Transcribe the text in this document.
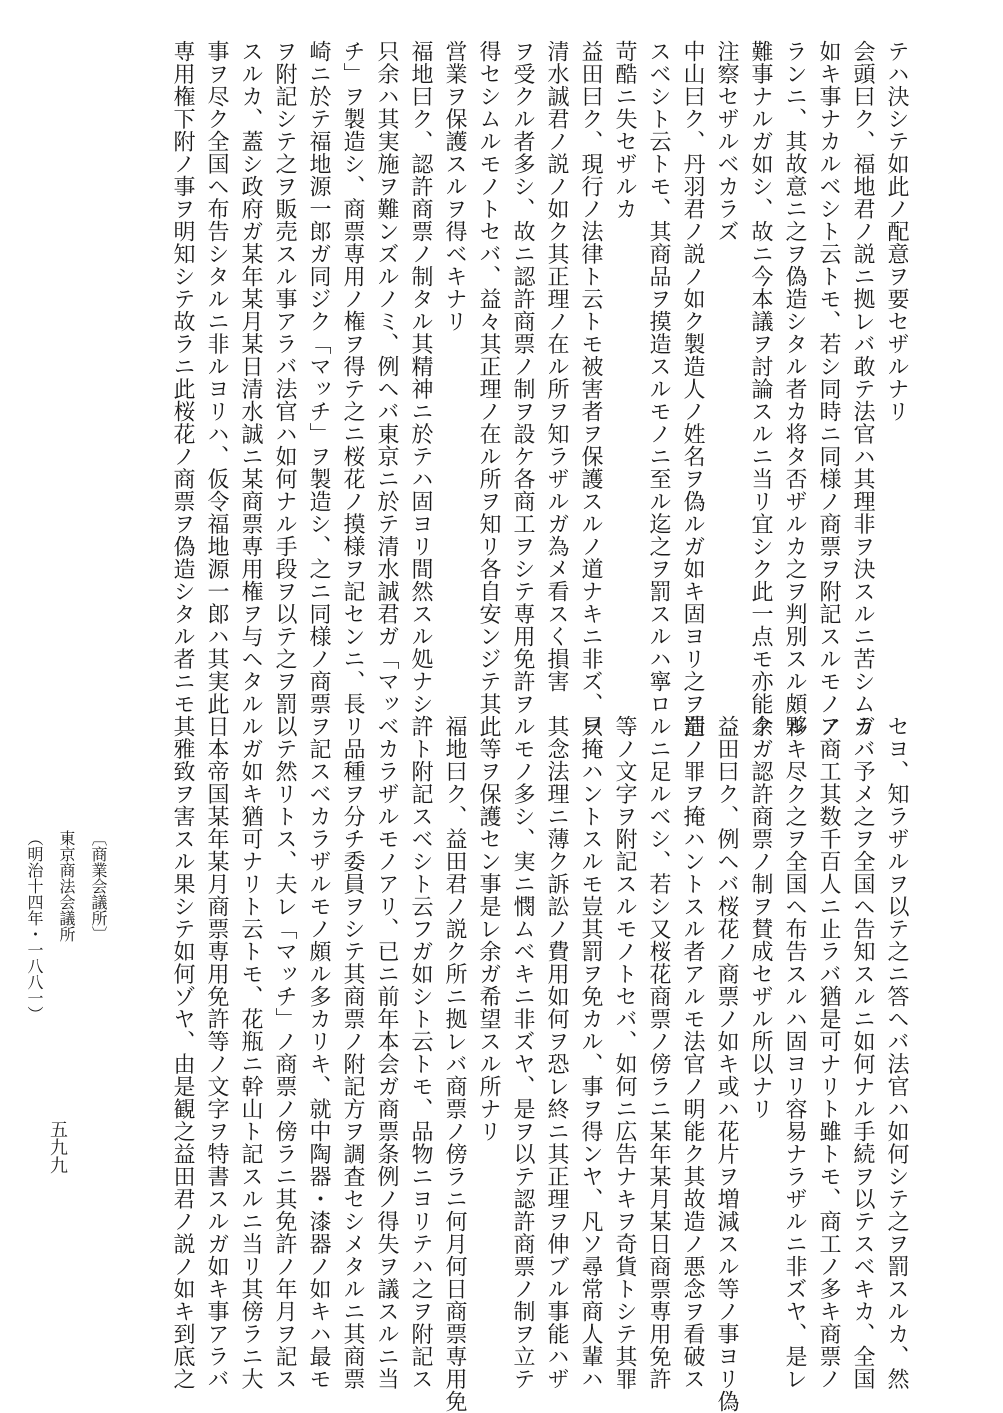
テハ決シテ如此ノ配意ヲ要セザルナリ
会頭曰ク、福地君ノ説ニ拠レバ敢テ法官ハ其理非ヲ決スルニ苦シムガ
如キ事ナカルベシト云トモ、若シ同時ニ同様ノ商票ヲ附記スルモノア
ランニ、其故意ニ之ヲ偽造シタル者カ将タ否ザルカ之ヲ判別スル頗ル
難事ナルガ如シ、故ニ今本議ヲ討論スルニ当リ宜シク此一点モ亦能ク
注察セザルベカラズ
中山曰ク、丹羽君ノ説ノ如ク製造人ノ姓名ヲ偽ルガ如キ固ヨリ之ヲ罰
スベシト云トモ、其商品ヲ摸造スルモノニ至ル迄之ヲ罰スルハ寧ロ
苛酷ニ失セザルカ
益田曰ク、現行ノ法律ト云トモ被害者ヲ保護スルノ道ナキニ非ズ、只
清水誠君ノ説ノ如ク其正理ノ在ル所ヲ知ラザルガ為メ看スく損害
ヲ受クル者多シ、故ニ認許商票ノ制ヲ設ケ各商工ヲシテ専用免許ヲ
得セシムルモノトセバ、益々其正理ノ在ル所ヲ知リ各自安ンジテ其
営業ヲ保護スルヲ得ベキナリ
福地曰ク、認許商票ノ制タル其精神ニ於テハ固ヨリ間然スル処ナシ、
只余ハ其実施ヲ難ンズルノミ、例ヘバ東京ニ於テ清水誠君ガ「マッ
チ」ヲ製造シ、商票専用ノ権ヲ得テ之ニ桜花ノ摸様ヲ記センニ、長
崎ニ於テ福地源一郎ガ同ジク「マッチ」ヲ製造シ、之ニ同様ノ商票
ヲ附記シテ之ヲ販売スル事アラバ法官ハ如何ナル手段ヲ以テ之ヲ罰
スルカ、蓋シ政府ガ某年某月某日清水誠ニ某商票専用権ヲ与ヘタル
事ヲ尽ク全国ヘ布告シタルニ非ルヨリハ、仮令福地源一郎ハ其実此
専用権下附ノ事ヲ明知シテ故ラニ此桜花ノ商票ヲ偽造シタル者ニモ
セヨ、知ラザルヲ以テ之ニ答ヘバ法官ハ如何シテ之ヲ罰スルカ、然
ラバ予メ之ヲ全国ヘ告知スルニ如何ナル手続ヲ以テスベキカ、全国
ノ商工其数千百人ニ止ラバ猶是可ナリト雖トモ、商工ノ多キ商票ノ
夥キ尽ク之ヲ全国ヘ布告スルハ固ヨリ容易ナラザルニ非ズヤ、是レ
余ガ認許商票ノ制ヲ賛成セザル所以ナリ
益田曰ク、例ヘバ桜花ノ商票ノ如キ或ハ花片ヲ増減スル等ノ事ヨリ偽
造ノ罪ヲ掩ハントスル者アルモ法官ノ明能ク其故造ノ悪念ヲ看破ス
ルニ足ルベシ、若シ又桜花商票ノ傍ラニ某年某月某日商票専用免許
等ノ文字ヲ附記スルモノトセバ、如何ニ広告ナキヲ奇貨トシテ其罪
ヲ掩ハントスルモ豈其罰ヲ免カル、事ヲ得ンヤ、凡ソ尋常商人輩ハ
其念法理ニ薄ク訴訟ノ費用如何ヲ恐レ終ニ其正理ヲ伸ブル事能ハザ
ルモノ多シ、実ニ憫ムベキニ非ズヤ、是ヲ以テ認許商票ノ制ヲ立テ
此等ヲ保護セン事是レ余ガ希望スル所ナリ
福地曰ク、益田君ノ説ク所ニ拠レバ商票ノ傍ラニ何月何日商票専用免
許ト附記スベシト云フガ如シト云トモ、品物ニヨリテハ之ヲ附記ス
ベカラザルモノアリ、已ニ前年本会ガ商票条例ノ得失ヲ議スルニ当
リ品種ヲ分チ委員ヲシテ其商票ノ附記方ヲ調査セシメタルニ其商票
ヲ記スベカラザルモノ頗ル多カリキ、就中陶器・漆器ノ如キハ最モ
以テ然リトス、夫レ「マッチ」ノ商票ノ傍ラニ其免許ノ年月ヲ記ス
ルガ如キ猶可ナリト云トモ、花瓶ニ幹山ト記スルニ当リ其傍ラニ大
日本帝国某年某月商票専用免許等ノ文字ヲ特書スルガ如キ事アラバ
其雅致ヲ害スル果シテ如何ゾヤ、由是観之益田君ノ説ノ如キ到底之
〔商業会議所〕
東京商法会議所
（明治十四年・一八八一）
五九九
